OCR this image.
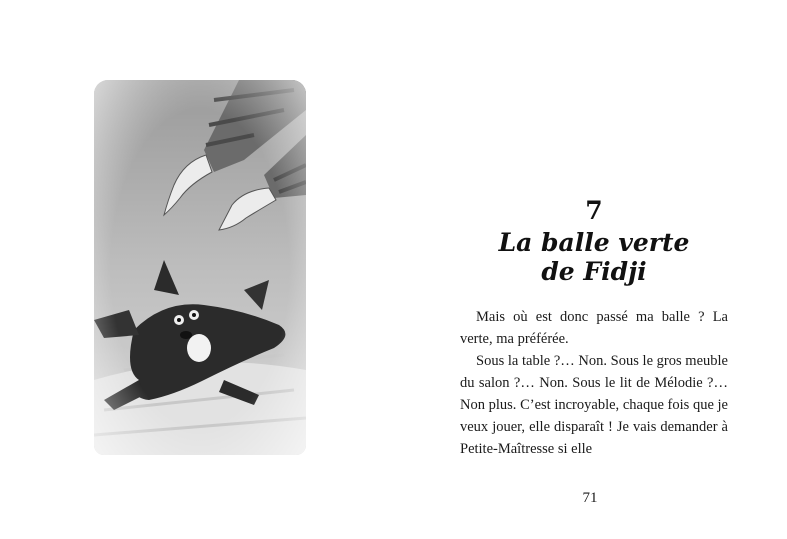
7
La balle verte
de Fidji

Mais où est donc passé ma balle ? La verte, ma préférée.

Sous la table ?… Non. Sous le gros meuble du salon ?… Non. Sous le lit de Mélodie ?… Non plus. C’est incroyable, chaque fois que je veux jouer, elle disparaît ! Je vais demander à Petite-Maîtresse si elle

71
